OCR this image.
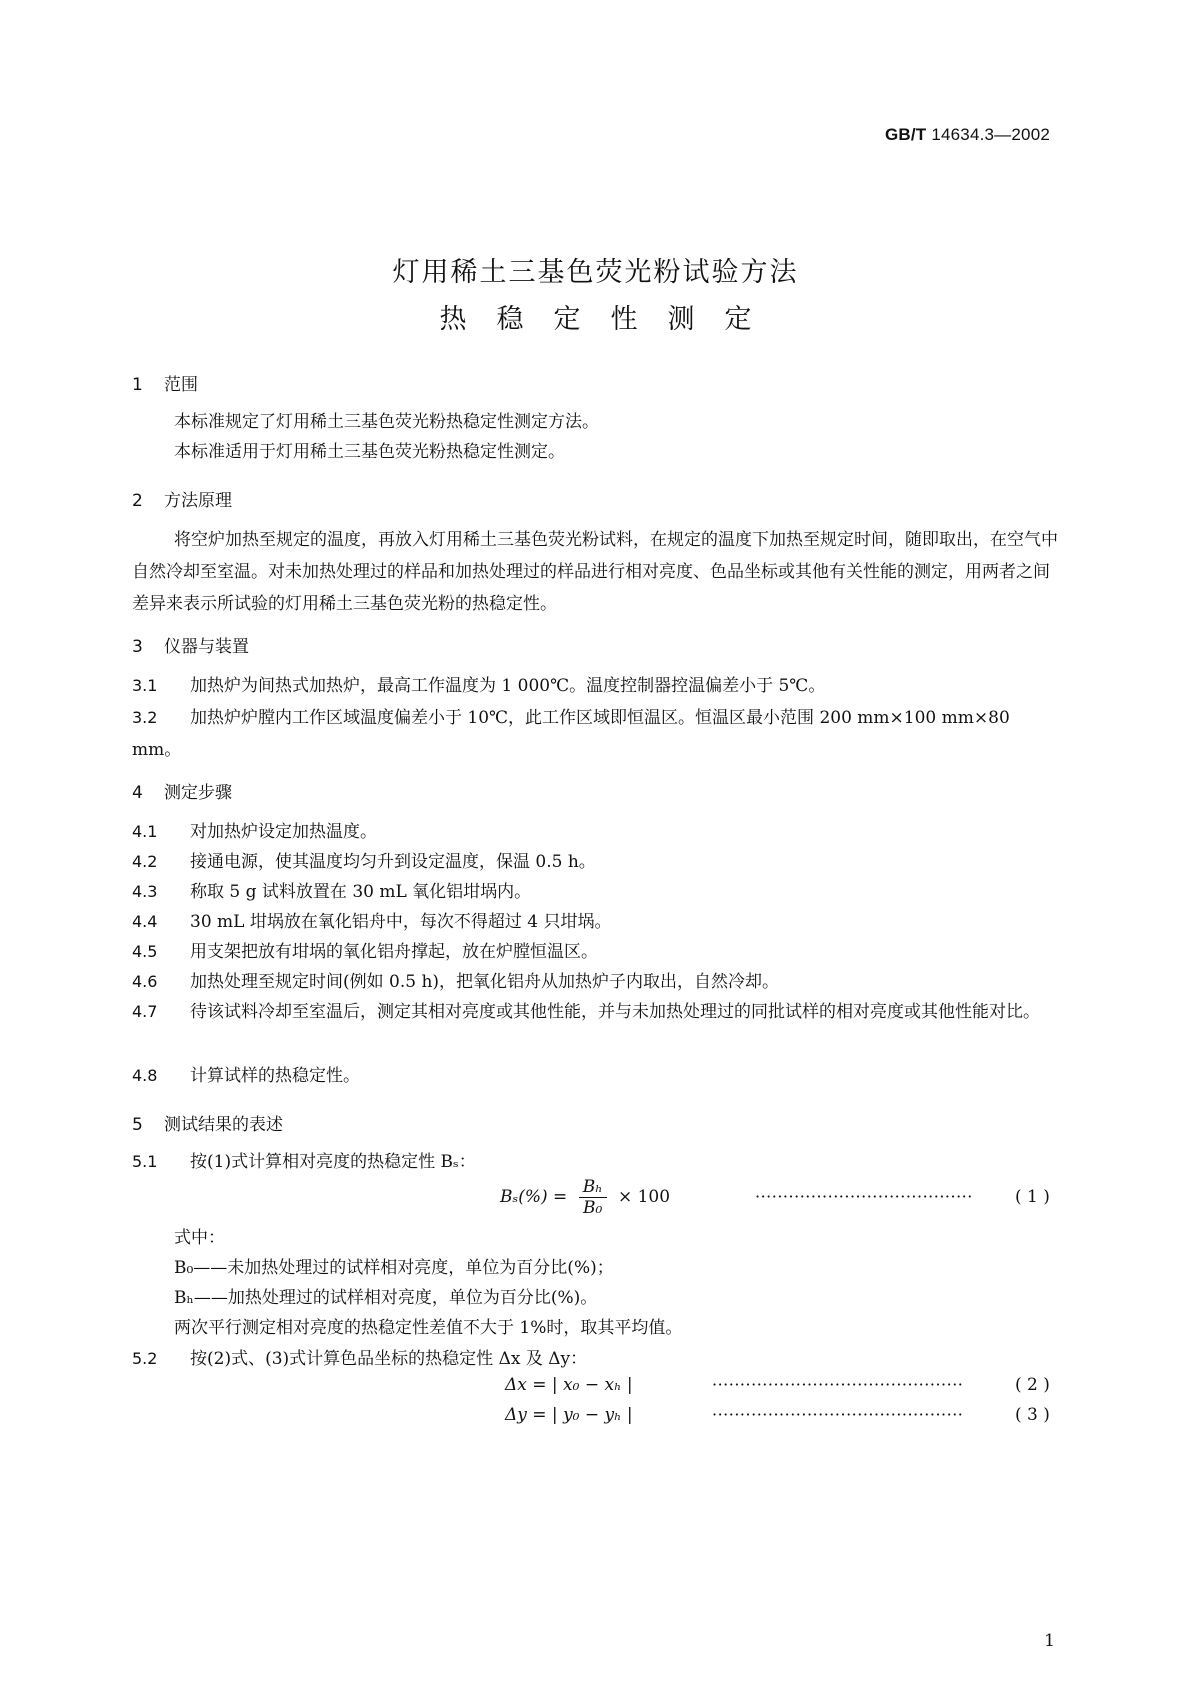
GB/T 14634.3—2002
灯用稀土三基色荧光粉试验方法
热稳定性测定
1 范围
本标准规定了灯用稀土三基色荧光粉热稳定性测定方法。
本标准适用于灯用稀土三基色荧光粉热稳定性测定。
2 方法原理
将空炉加热至规定的温度，再放入灯用稀土三基色荧光粉试料，在规定的温度下加热至规定时间，随即取出，在空气中自然冷却至室温。对未加热处理过的样品和加热处理过的样品进行相对亮度、色品坐标或其他有关性能的测定，用两者之间差异来表示所试验的灯用稀土三基色荧光粉的热稳定性。
3 仪器与装置
3.1 加热炉为间热式加热炉，最高工作温度为 1 000℃。温度控制器控温偏差小于 5℃。
3.2 加热炉炉膛内工作区域温度偏差小于 10℃，此工作区域即恒温区。恒温区最小范围 200 mm×100 mm×80 mm。
4 测定步骤
4.1 对加热炉设定加热温度。
4.2 接通电源，使其温度均匀升到设定温度，保温 0.5 h。
4.3 称取 5 g 试料放置在 30 mL 氧化铝坩埚内。
4.4 30 mL 坩埚放在氧化铝舟中，每次不得超过 4 只坩埚。
4.5 用支架把放有坩埚的氧化铝舟撑起，放在炉膛恒温区。
4.6 加热处理至规定时间(例如 0.5 h)，把氧化铝舟从加热炉子内取出，自然冷却。
4.7 待该试料冷却至室温后，测定其相对亮度或其他性能，并与未加热处理过的同批试样的相对亮度或其他性能对比。
4.8 计算试样的热稳定性。
5 测试结果的表述
5.1 按(1)式计算相对亮度的热稳定性 Bₛ：
$B_s(\%) = \frac{\text{Bₕ}}{\text{B₀}} \times 100$	······································· ( 1 )
式中：
B₀——未加热处理过的试样相对亮度，单位为百分比(%)；
Bₕ——加热处理过的试样相对亮度，单位为百分比(%)。
两次平行测定相对亮度的热稳定性差值不大于 1%时，取其平均值。
5.2 按(2)式、(3)式计算色品坐标的热稳定性 Δx 及 Δy：
Δx = | x₀ − xₕ |	·············································	( 2 )
Δy = | y₀ − yₕ |	·············································	( 3 )
1
